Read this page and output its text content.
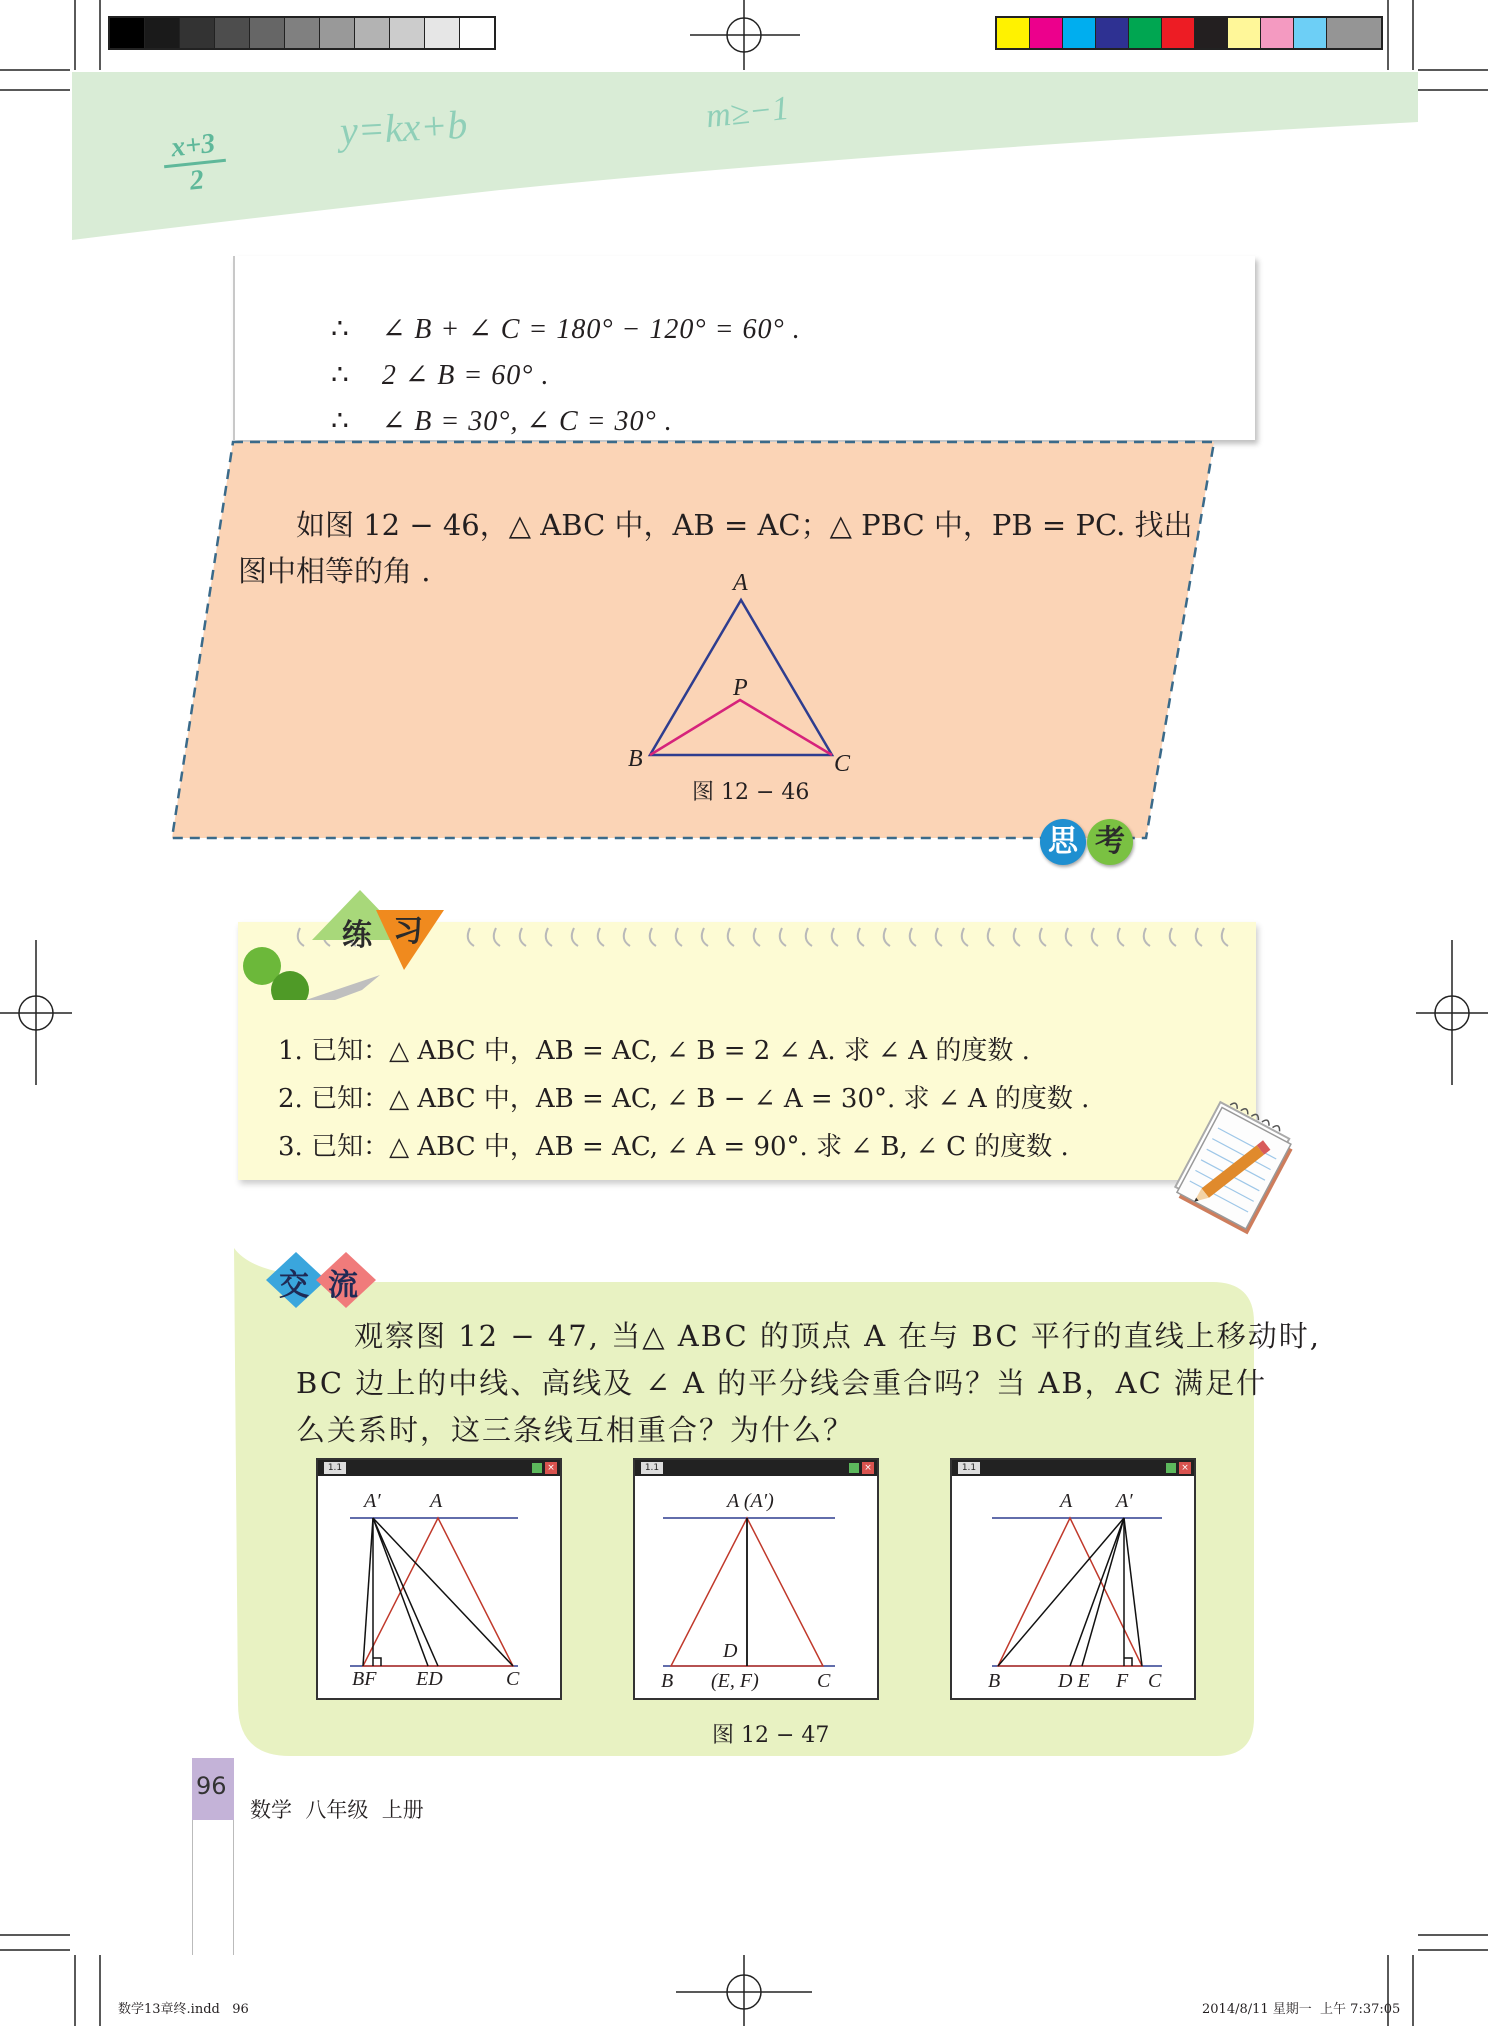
x+3
2
y=kx+b	m≥−1

∴ ∠ B + ∠ C = 180° − 120° = 60° .

∴ 2 ∠ B = 60° .

∴ ∠ B = 30°, ∠ C = 30° .

如图 12 − 46，△ ABC 中，AB = AC；△ PBC 中，PB = PC. 找出
图中相等的角 .	A
P
B	C
图 12 − 46
思 考
练 习
1. 已知：△ ABC 中，AB = AC, ∠ B = 2 ∠ A. 求 ∠ A 的度数 .
2. 已知：△ ABC 中，AB = AC, ∠ B − ∠ A = 30°. 求 ∠ A 的度数 .
3. 已知：△ ABC 中，AB = AC, ∠ A = 90°. 求 ∠ B, ∠ C 的度数 .
交 流
观察图 12 − 47, 当△ ABC 的顶点 A 在与 BC 平行的直线上移动时,
BC 边上的中线、高线及 ∠ A 的平分线会重合吗？当 AB，AC 满足什
么关系时，这三条线互相重合？为什么？
1.1	×
A′ A
BF ED	C
1.1	×
A (A′)
D
B (E, F)	C
1.1	×
A A′
B	D E F C
图 12 − 47
96
数学  八年级  上册
数学13章终.indd   96	2014/8/11 星期一  上午 7:37:05
